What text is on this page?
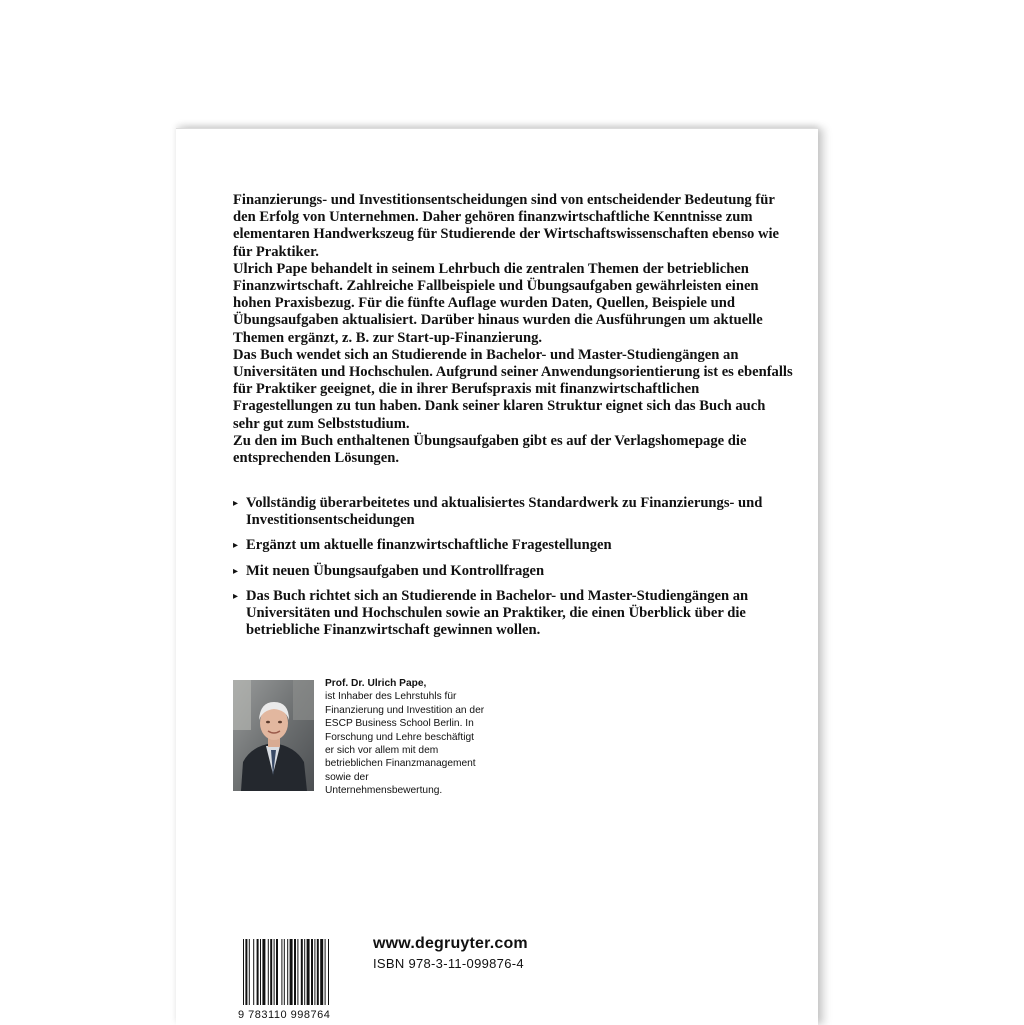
Finanzierungs- und Investitionsentscheidungen sind von entscheidender Bedeutung für den Erfolg von Unternehmen. Daher gehören finanzwirtschaftliche Kenntnisse zum elementaren Handwerkszeug für Studierende der Wirtschaftswissenschaften ebenso wie für Praktiker.

Ulrich Pape behandelt in seinem Lehrbuch die zentralen Themen der betrieblichen Finanzwirtschaft. Zahlreiche Fallbeispiele und Übungsaufgaben gewährleisten einen hohen Praxisbezug. Für die fünfte Auflage wurden Daten, Quellen, Beispiele und Übungsaufgaben aktualisiert. Darüber hinaus wurden die Ausführungen um aktuelle Themen ergänzt, z. B. zur Start-up-Finanzierung.

Das Buch wendet sich an Studierende in Bachelor- und Master-Studiengängen an Universitäten und Hochschulen. Aufgrund seiner Anwendungsorientierung ist es ebenfalls für Praktiker geeignet, die in ihrer Berufspraxis mit finanzwirtschaftlichen Fragestellungen zu tun haben. Dank seiner klaren Struktur eignet sich das Buch auch sehr gut zum Selbststudium.

Zu den im Buch enthaltenen Übungsaufgaben gibt es auf der Verlagshomepage die entsprechenden Lösungen.

▸ Vollständig überarbeitetes und aktualisiertes Standardwerk zu Finanzierungs- und Investitionsentscheidungen
▸ Ergänzt um aktuelle finanzwirtschaftliche Fragestellungen
▸ Mit neuen Übungsaufgaben und Kontrollfragen
▸ Das Buch richtet sich an Studierende in Bachelor- und Master-Studiengängen an Universitäten und Hochschulen sowie an Praktiker, die einen Überblick über die betriebliche Finanzwirtschaft gewinnen wollen.
Prof. Dr. Ulrich Pape,
ist Inhaber des Lehrstuhls für Finanzierung und Investition an der ESCP Business School Berlin. In Forschung und Lehre beschäftigt er sich vor allem mit dem betrieblichen Finanzmanagement sowie der Unternehmensbewertung.
9 783110 998764
www.degruyter.com
ISBN 978-3-11-099876-4
